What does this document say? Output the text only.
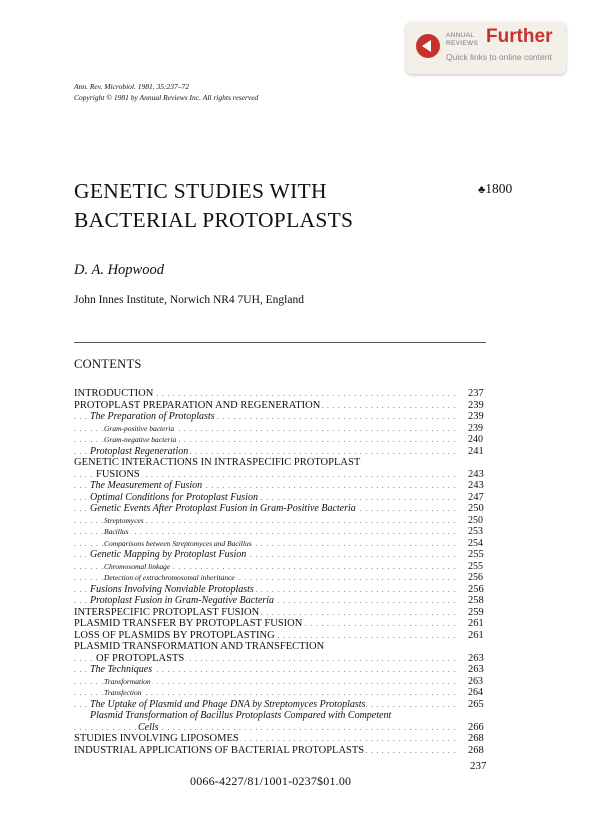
ANNUAL
REVIEWS Further
Quick links to online content
Ann. Rev. Microbiol. 1981. 35:237–72
Copyright © 1981 by Annual Reviews Inc. All rights reserved
GENETIC STUDIES WITH
BACTERIAL PROTOPLASTS
♣1800
D. A. Hopwood
John Innes Institute, Norwich NR4 7UH, England
CONTENTS
. . .
INTRODUCTION	237
. . .
PROTOPLAST PREPARATION AND REGENERATION	239
. . .
The Preparation of Protoplasts	239
. . .
Gram-positive bacteria	239
. . .
Gram-negative bacteria	240
. . .
Protoplast Regeneration	241
GENETIC INTERACTIONS IN INTRASPECIFIC PROTOPLAST
. . .
FUSIONS	243
. . .
The Measurement of Fusion	243
. . .
Optimal Conditions for Protoplast Fusion	247
. . .
Genetic Events After Protoplast Fusion in Gram-Positive Bacteria	250
. . .
Streptomyces	250
. . .
Bacillus	253
. . .
Comparisons between Streptomyces and Bacillus	254
. . .
Genetic Mapping by Protoplast Fusion	255
. . .
Chromosomal linkage	255
. . .
Detection of extrachromosomal inheritance	256
. . .
Fusions Involving Nonviable Protoplasts	256
. . .
Protoplast Fusion in Gram-Negative Bacteria	258
. . .
INTERSPECIFIC PROTOPLAST FUSION	259
. . .
PLASMID TRANSFER BY PROTOPLAST FUSION	261
. . .
LOSS OF PLASMIDS BY PROTOPLASTING	261
PLASMID TRANSFORMATION AND TRANSFECTION
. . .
OF PROTOPLASTS	263
. . .
The Techniques	263
. . .
Transformation	263
. . .
Transfection	264
. . .
The Uptake of Plasmid and Phage DNA by Streptomyces Protoplasts	265
Plasmid Transformation of Bacillus Protoplasts Compared with Competent
. . .
Cells	266
. . .
STUDIES INVOLVING LIPOSOMES	268
. . .
INDUSTRIAL APPLICATIONS OF BACTERIAL PROTOPLASTS	268
237
0066-4227/81/1001-0237$01.00
